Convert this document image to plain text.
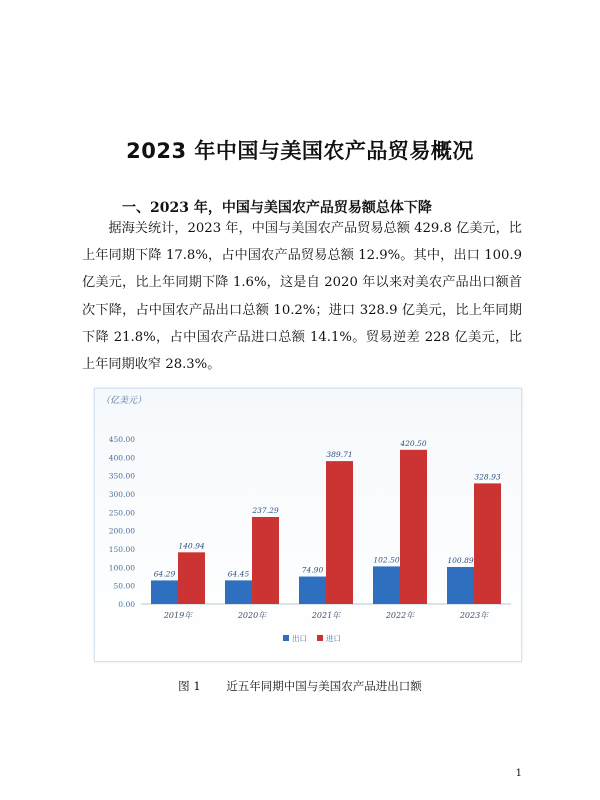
2023 年中国与美国农产品贸易概况
一、2023 年，中国与美国农产品贸易额总体下降
据海关统计，2023 年，中国与美国农产品贸易总额 429.8 亿美元，比上年同期下降 17.8%，占中国农产品贸易总额 12.9%。其中，出口 100.9 亿美元，比上年同期下降 1.6%，这是自 2020 年以来对美农产品出口额首次下降，占中国农产品出口总额 10.2%；进口 328.9 亿美元，比上年同期下降 21.8%，占中国农产品进口总额 14.1%。贸易逆差 228 亿美元，比上年同期收窄 28.3%。
（亿美元）
0.00
50.00
100.00
150.00
200.00
250.00
300.00
350.00
400.00
450.00
64.29
140.94
2019年
64.45
237.29
2020年
74.90
389.71
2021年
102.50
420.50
2022年
100.89
328.93
2023年
出口	进口
图 1 近五年同期中国与美国农产品进出口额
1
